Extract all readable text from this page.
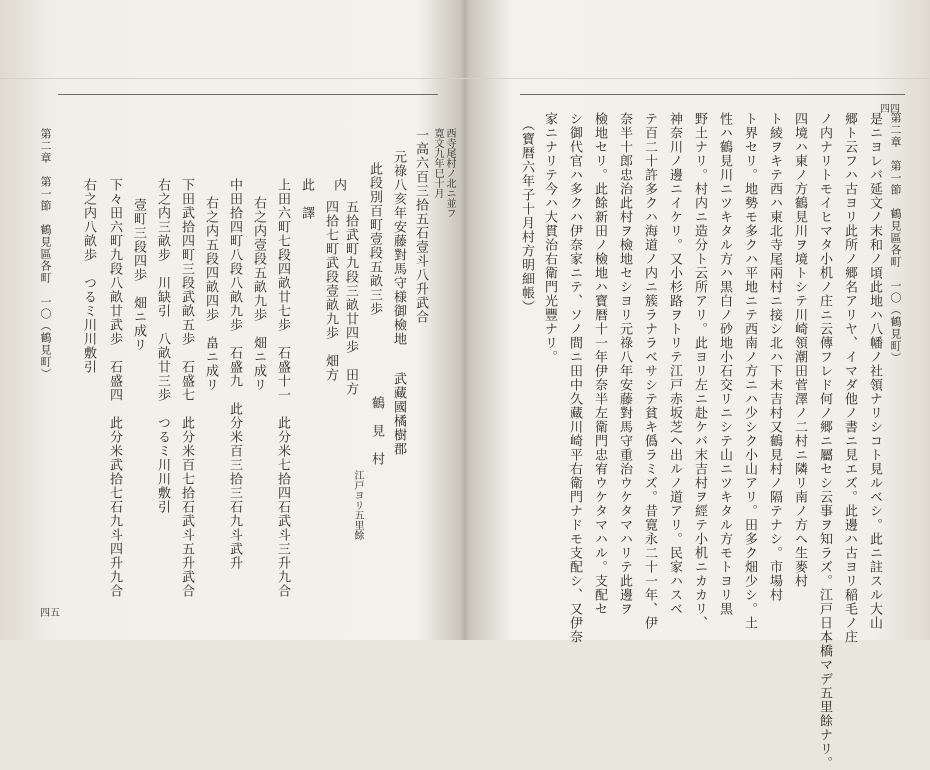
第二章　第一節　鶴見區各町　一〇（鶴見町） 右之内八畝歩　つるミ川川敷引 下々田六町九段八畝廿武歩　石盛四　此分米武拾七石九斗四升九合 壹町三段四歩　畑ニ成リ 右之内三畝步　川缺引　八畝廿三歩　つるミ川川敷引 下田武拾四町三段武畝五歩　石盛七　此分米百七拾石武斗五升武合 右之内五段四畝四歩　畠ニ成リ 中田拾四町八段八畝九歩　石盛九　此分米百三拾三石九斗武升 右之内壹段五畝九歩　畑ニ成リ 上田六町七段四畝廿七歩　石盛十一　此分米七拾四石武斗三升九合 此　譯
四拾七町武段壹畝九歩　畑方 五拾武町九段三畝廿四歩　田方
内 此段別百町壹段五畝三歩 元祿八亥年安藤對馬守様御檢地 一高六百三拾五石壹斗八升武合 寛文九年巳十月 西寺尾村ノ北ニ並フ
武藏國橘樹郡
鶴　見　村
江戸ヨリ五里餘
四五	是ニヨレバ延文ノ末和ノ頃此地ハ八幡ノ社領ナリシコト見ルベシ。此ニ註スル大山
郷ト云フハ古ヨリ此所ノ郷名アリヤ、イマダ他ノ書ニ見エズ。此邊ハ古ヨリ稲毛ノ庄
ノ内ナリトモイヒマタ小机ノ庄ニ云傳フレド何ノ郷ニ屬セシ云事ヲ知ラズ。江戸日本橋マデ五里餘ナリ。
四境ハ東ノ方鶴見川ヲ境トシテ川崎領潮田菅澤ノ二村ニ隣リ南ノ方ヘ生麥村
ト綾ヲキテ西ハ東北寺尾兩村ニ接シ北ハ下末吉村又鶴見村ノ隔テナシ。市場村
ト界セリ。地勢モ多クハ平地ニテ西南ノ方ニハ少シク小山アリ。田多ク畑少シ。土
性ハ鶴見川ニツキタル方ハ黒白ノ砂地小石交リニシテ山ニツキタル方モトヨリ黒
野土ナリ。村内ニ造分ト云所アリ。此ヨリ左ニ赴ケバ末吉村ヲ經テ小机ニカカリ、
神奈川ノ邊ニイケリ。又小杉路ヲトリテ江戸赤坂芝ヘ出ルノ道アリ。民家ハスベ
テ百二十許多クハ海道ノ内ニ簇ラナラベサシテ貧キ僞ラミズ。昔寛永二十一年、伊
奈半十郎忠治此村ヲ檢地セシヨリ元祿八年安藤對馬守重治ウケタマハリテ此邊ヲ
檢地セリ。此餘新田ノ檢地ハ寶暦十一年伊奈半左衛門忠宥ウケタマハル。支配セ
シ御代官ハ多クハ伊奈家ニテ、ソノ間ニ田中久藏川崎平右衛門ナドモ支配シ、又伊奈
家ニナリテ今ハ大貫治右衛門光豐ナリ。
（寶暦六年子十月村方明細帳）	第二章　第一節　鶴見區各町　一〇（鶴見町）
四四
